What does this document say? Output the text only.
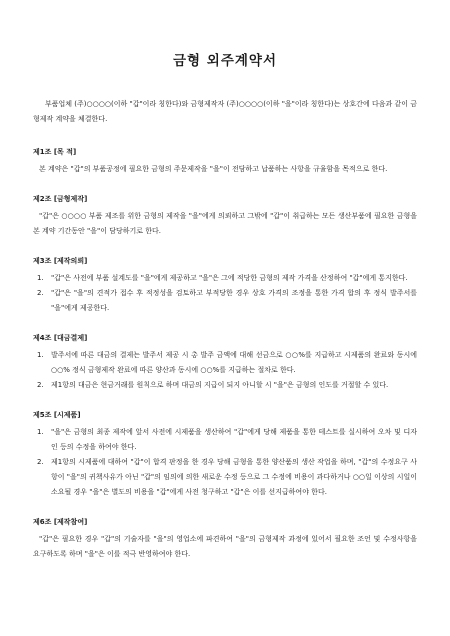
금형 외주계약서

부품업체 (주)○○○○(이하 "갑"이라 칭한다)와 금형제작자 (주)○○○○(이하 "을"이라 칭한다)는 상호간에 다음과 같이 금형제작 계약을 체결한다.

제1조 [목 적]

본 계약은 "갑"의 부품공정에 필요한 금형의 주문제작을 "을"이 전담하고 납품하는 사항을 규율함을 목적으로 한다.

제2조 [금형제작]

"갑"은 ○○○○ 부품 제조를 위한 금형의 제작을 "을"에게 의뢰하고 그밖에 "갑"이 취급하는 모든 생산부품에 필요한 금형을 본 계약 기간동안 "을"이 담당하기로 한다.

제3조 [제작의뢰]

1.	"갑"은 사전에 부품 설계도를 "을"에게 제공하고 "을"은 그에 적당한 금형의 제작 가격을 산정하여 "갑"에게 통지한다.
2.	"갑"은 "을"의 견적가 접수 후 적정성을 검토하고 부적당한 경우 상호 가격의 조정을 통한 가격 합의 후 정식 발주서를 "을"에게 제공한다.

제4조 [대금결제]

1.	발주서에 따른 대금의 결제는 발주서 제공 시 총 발주 금액에 대해 선금으로 ○○%를 지급하고 시제품의 완료와 동시에 ○○% 정식 금형제작 완료에 따른 양산과 동시에 ○○%를 지급하는 절차로 한다.
2.	제1항의 대금은 현금거래를 원칙으로 하며 대금의 지급이 되지 아니할 시 "을"은 금형의 인도를 거절할 수 있다.

제5조 [시제품]

1.	"을"은 금형의 최종 제작에 앞서 사전에 시제품을 생산하여 "갑"에게 당해 제품을 통한 테스트를 실시하여 오차 및 디자인 등의 수정을 하여야 한다.
2.	제1항의 시제품에 대하여 "갑"이 합격 판정을 한 경우 당해 금형을 통한 양산품의 생산 작업을 하며, "갑"의 수정요구 사항이 "을"의 귀책사유가 아닌 "갑"의 임의에 의한 새로운 수정 등으로 그 수정에 비용이 과다하거나 ○○일 이상의 시일이 소요될 경우 "을"은 별도의 비용을 "갑"에게 사전 청구하고 "갑"은 이를 선지급하여야 한다.

제6조 [제작참여]

"갑"은 필요한 경우 "갑"의 기술자를 "을"의 영업소에 파견하여 "을"의 금형제작 과정에 있어서 필요한 조언 및 수정사항을 요구하도록 하며 "을"은 이를 적극 반영하여야 한다.
